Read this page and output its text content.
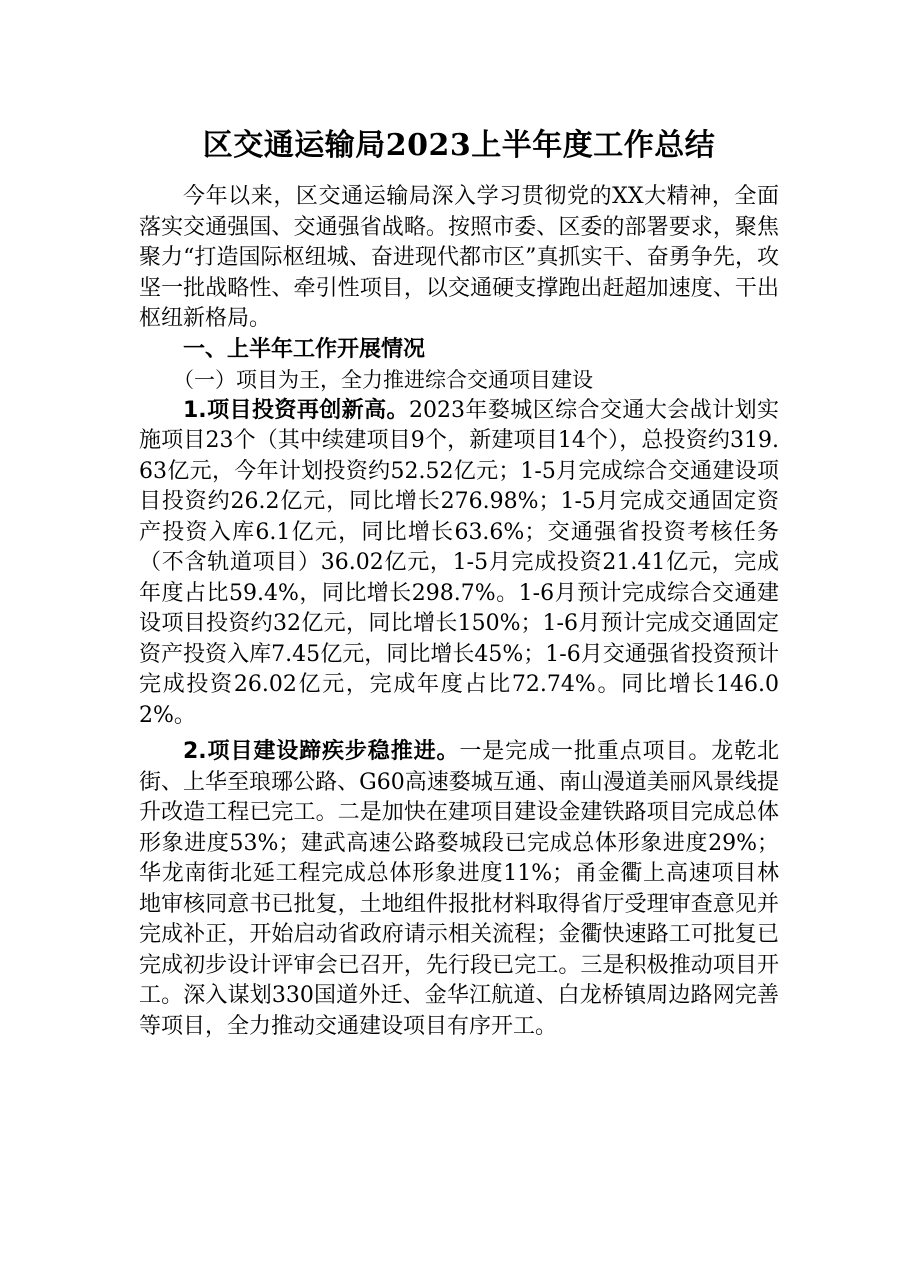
区交通运输局2023上半年度工作总结

今年以来，区交通运输局深入学习贯彻党的XX大精神，全面落实交通强国、交通强省战略。按照市委、区委的部署要求，聚焦聚力“打造国际枢纽城、奋进现代都市区”真抓实干、奋勇争先，攻坚一批战略性、牵引性项目，以交通硬支撑跑出赶超加速度、干出枢纽新格局。

一、上半年工作开展情况

（一）项目为王，全力推进综合交通项目建设

1.项目投资再创新高。2023年婺城区综合交通大会战计划实施项目23个（其中续建项目9个，新建项目14个），总投资约319.63亿元，今年计划投资约52.52亿元；1-5月完成综合交通建设项目投资约26.2亿元，同比增长276.98%；1-5月完成交通固定资产投资入库6.1亿元，同比增长63.6%；交通强省投资考核任务（不含轨道项目）36.02亿元，1-5月完成投资21.41亿元，完成年度占比59.4%，同比增长298.7%。1-6月预计完成综合交通建设项目投资约32亿元，同比增长150%；1-6月预计完成交通固定资产投资入库7.45亿元，同比增长45%；1-6月交通强省投资预计完成投资26.02亿元，完成年度占比72.74%。同比增长146.02%。

2.项目建设蹄疾步稳推进。一是完成一批重点项目。龙乾北街、上华至琅琊公路、G60高速婺城互通、南山漫道美丽风景线提升改造工程已完工。二是加快在建项目建设金建铁路项目完成总体形象进度53%；建武高速公路婺城段已完成总体形象进度29%；华龙南街北延工程完成总体形象进度11%；甬金衢上高速项目林地审核同意书已批复，土地组件报批材料取得省厅受理审查意见并完成补正，开始启动省政府请示相关流程；金衢快速路工可批复已完成初步设计评审会已召开，先行段已完工。三是积极推动项目开工。深入谋划330国道外迁、金华江航道、白龙桥镇周边路网完善等项目，全力推动交通建设项目有序开工。
